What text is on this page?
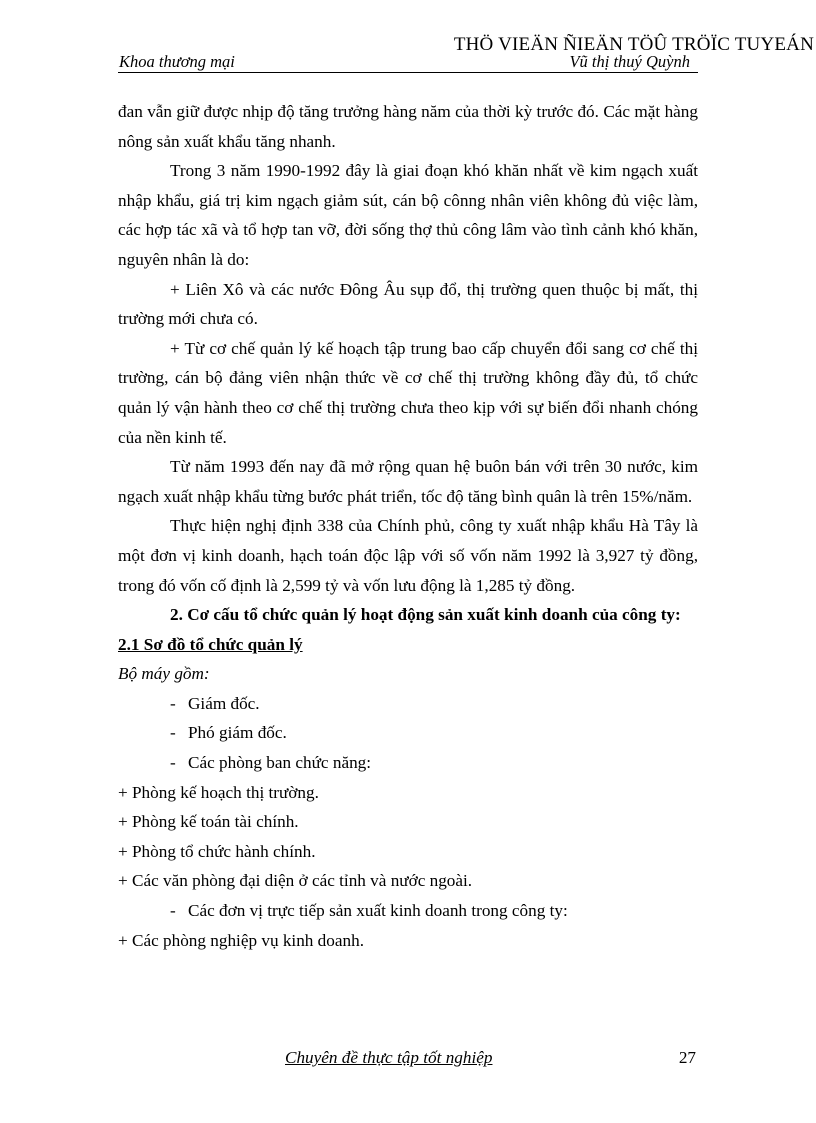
THÖ VIEÄN ÑIEÄN TÖÛ TRÖÏC TUYEÁN
Khoa thương mại	Vũ thị thuý Quỳnh

đan vẫn giữ được nhịp độ tăng trưởng hàng năm của thời kỳ trước đó. Các mặt hàng nông sản xuất khẩu tăng nhanh.

Trong 3 năm 1990-1992 đây là giai đoạn khó khăn nhất về kim ngạch xuất nhập khẩu, giá trị kim ngạch giảm sút, cán bộ cônng nhân viên không đủ việc làm, các hợp tác xã và tổ hợp tan vỡ, đời sống thợ thủ công lâm vào tình cảnh khó khăn, nguyên nhân là do:

+ Liên Xô và các nước Đông Âu sụp đổ, thị trường quen thuộc bị mất, thị trường mới chưa có.

+ Từ cơ chế quản lý kế hoạch tập trung bao cấp chuyển đổi sang cơ chế thị trường, cán bộ đảng viên nhận thức về cơ chế thị trường không đầy đủ, tổ chức quản lý vận hành theo cơ chế thị trường chưa theo kịp với sự biến đổi nhanh chóng của nền kinh tế.

Từ năm 1993 đến nay đã mở rộng quan hệ buôn bán với trên 30 nước, kim ngạch xuất nhập khẩu từng bước phát triển, tốc độ tăng bình quân là trên 15%/năm.

Thực hiện nghị định 338 của Chính phủ, công ty xuất nhập khẩu Hà Tây là một đơn vị kinh doanh, hạch toán độc lập với số vốn năm 1992 là 3,927 tỷ đồng, trong đó vốn cố định là 2,599 tỷ và vốn lưu động là 1,285 tỷ đồng.

2. Cơ cấu tổ chức quản lý hoạt động sản xuất kinh doanh của công ty:

2.1 Sơ đồ tổ chức quản lý

Bộ máy gồm:

- Giám đốc.
- Phó giám đốc.
- Các phòng ban chức năng:

+ Phòng kế hoạch thị trường.

+ Phòng kế toán tài chính.

+ Phòng tổ chức hành chính.

+ Các văn phòng đại diện ở các tỉnh và nước ngoài.

- Các đơn vị trực tiếp sản xuất kinh doanh trong công ty:

+ Các phòng nghiệp vụ kinh doanh.

Chuyên đề thực tập tốt nghiệp	27
